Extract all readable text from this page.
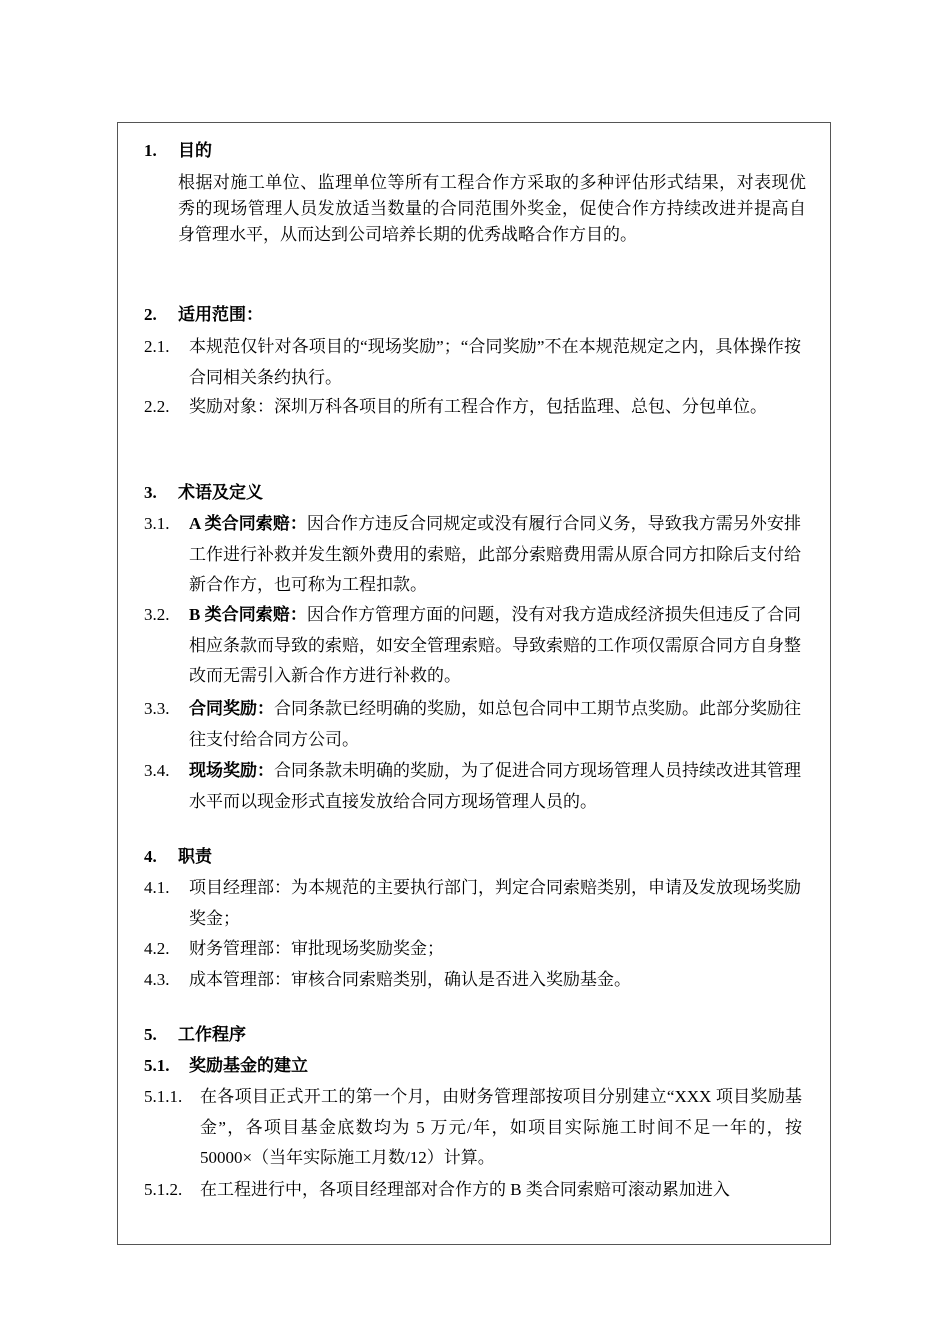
1. 目的
根据对施工单位、监理单位等所有工程合作方采取的多种评估形式结果，对表现优秀的现场管理人员发放适当数量的合同范围外奖金，促使合作方持续改进并提高自身管理水平，从而达到公司培养长期的优秀战略合作方目的。
2. 适用范围：
2.1. 本规范仅针对各项目的“现场奖励”；“合同奖励”不在本规范规定之内，具体操作按合同相关条约执行。
2.2. 奖励对象：深圳万科各项目的所有工程合作方，包括监理、总包、分包单位。
3. 术语及定义
3.1. A 类合同索赔：因合作方违反合同规定或没有履行合同义务，导致我方需另外安排工作进行补救并发生额外费用的索赔，此部分索赔费用需从原合同方扣除后支付给新合作方，也可称为工程扣款。
3.2. B 类合同索赔：因合作方管理方面的问题，没有对我方造成经济损失但违反了合同相应条款而导致的索赔，如安全管理索赔。导致索赔的工作项仅需原合同方自身整改而无需引入新合作方进行补救的。
3.3. 合同奖励：合同条款已经明确的奖励，如总包合同中工期节点奖励。此部分奖励往往支付给合同方公司。
3.4. 现场奖励：合同条款未明确的奖励，为了促进合同方现场管理人员持续改进其管理水平而以现金形式直接发放给合同方现场管理人员的。
4. 职责
4.1. 项目经理部：为本规范的主要执行部门，判定合同索赔类别，申请及发放现场奖励奖金；
4.2. 财务管理部：审批现场奖励奖金；
4.3. 成本管理部：审核合同索赔类别，确认是否进入奖励基金。
5. 工作程序
5.1. 奖励基金的建立
5.1.1. 在各项目正式开工的第一个月，由财务管理部按项目分别建立“XXX 项目奖励基金”，各项目基金底数均为 5 万元/年，如项目实际施工时间不足一年的，按 50000×（当年实际施工月数/12）计算。
5.1.2. 在工程进行中，各项目经理部对合作方的 B 类合同索赔可滚动累加进入
